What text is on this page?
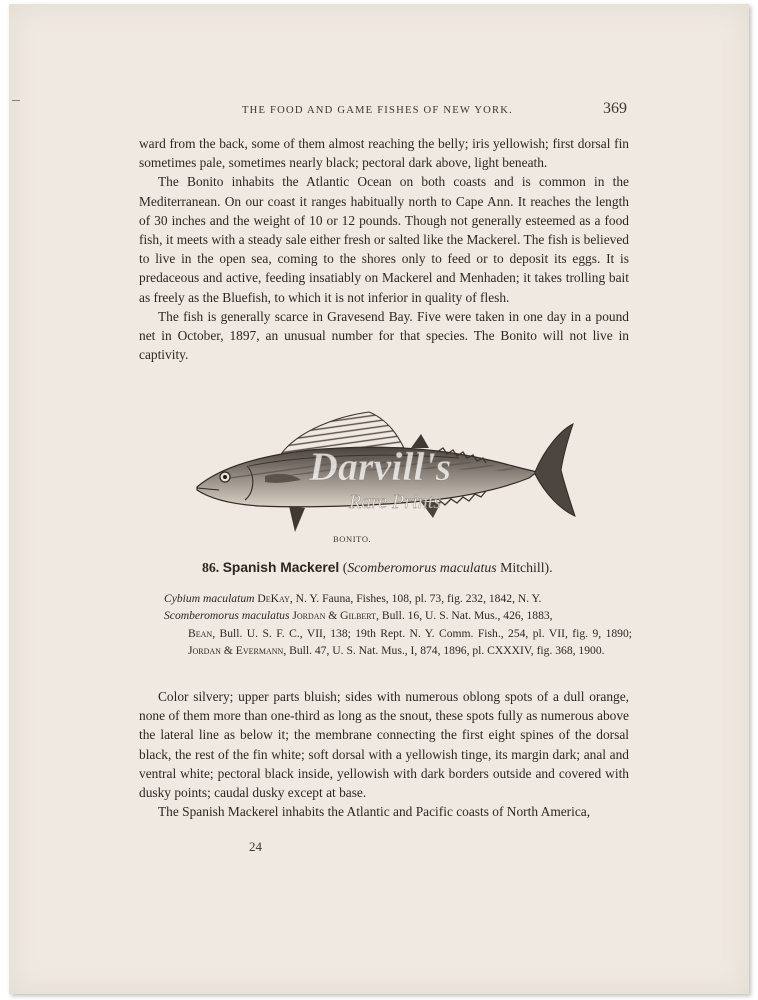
THE FOOD AND GAME FISHES OF NEW YORK.	369

ward from the back, some of them almost reaching the belly; iris yellowish; first dorsal fin sometimes pale, sometimes nearly black; pectoral dark above, light beneath.

The Bonito inhabits the Atlantic Ocean on both coasts and is common in the Mediterranean. On our coast it ranges habitually north to Cape Ann. It reaches the length of 30 inches and the weight of 10 or 12 pounds. Though not generally esteemed as a food fish, it meets with a steady sale either fresh or salted like the Mackerel. The fish is believed to live in the open sea, coming to the shores only to feed or to deposit its eggs. It is predaceous and active, feeding insatiably on Mackerel and Menhaden; it takes trolling bait as freely as the Bluefish, to which it is not inferior in quality of flesh.

The fish is generally scarce in Gravesend Bay. Five were taken in one day in a pound net in October, 1897, an unusual number for that species. The Bonito will not live in captivity.

Darvill's
Rare Prints
BONITO.
86. Spanish Mackerel (Scomberomorus maculatus Mitchill).

Cybium maculatum DeKay, N. Y. Fauna, Fishes, 108, pl. 73, fig. 232, 1842, N. Y.

Scomberomorus maculatus Jordan & Gilbert, Bull. 16, U. S. Nat. Mus., 426, 1883,

Bean, Bull. U. S. F. C., VII, 138; 19th Rept. N. Y. Comm. Fish., 254, pl. VII, fig. 9, 1890; Jordan & Evermann, Bull. 47, U. S. Nat. Mus., I, 874, 1896, pl. CXXXIV, fig. 368, 1900.

Color silvery; upper parts bluish; sides with numerous oblong spots of a dull orange, none of them more than one-third as long as the snout, these spots fully as numerous above the lateral line as below it; the membrane connecting the first eight spines of the dorsal black, the rest of the fin white; soft dorsal with a yellowish tinge, its margin dark; anal and ventral white; pectoral black inside, yellowish with dark borders outside and covered with dusky points; caudal dusky except at base.

The Spanish Mackerel inhabits the Atlantic and Pacific coasts of North America,

24
